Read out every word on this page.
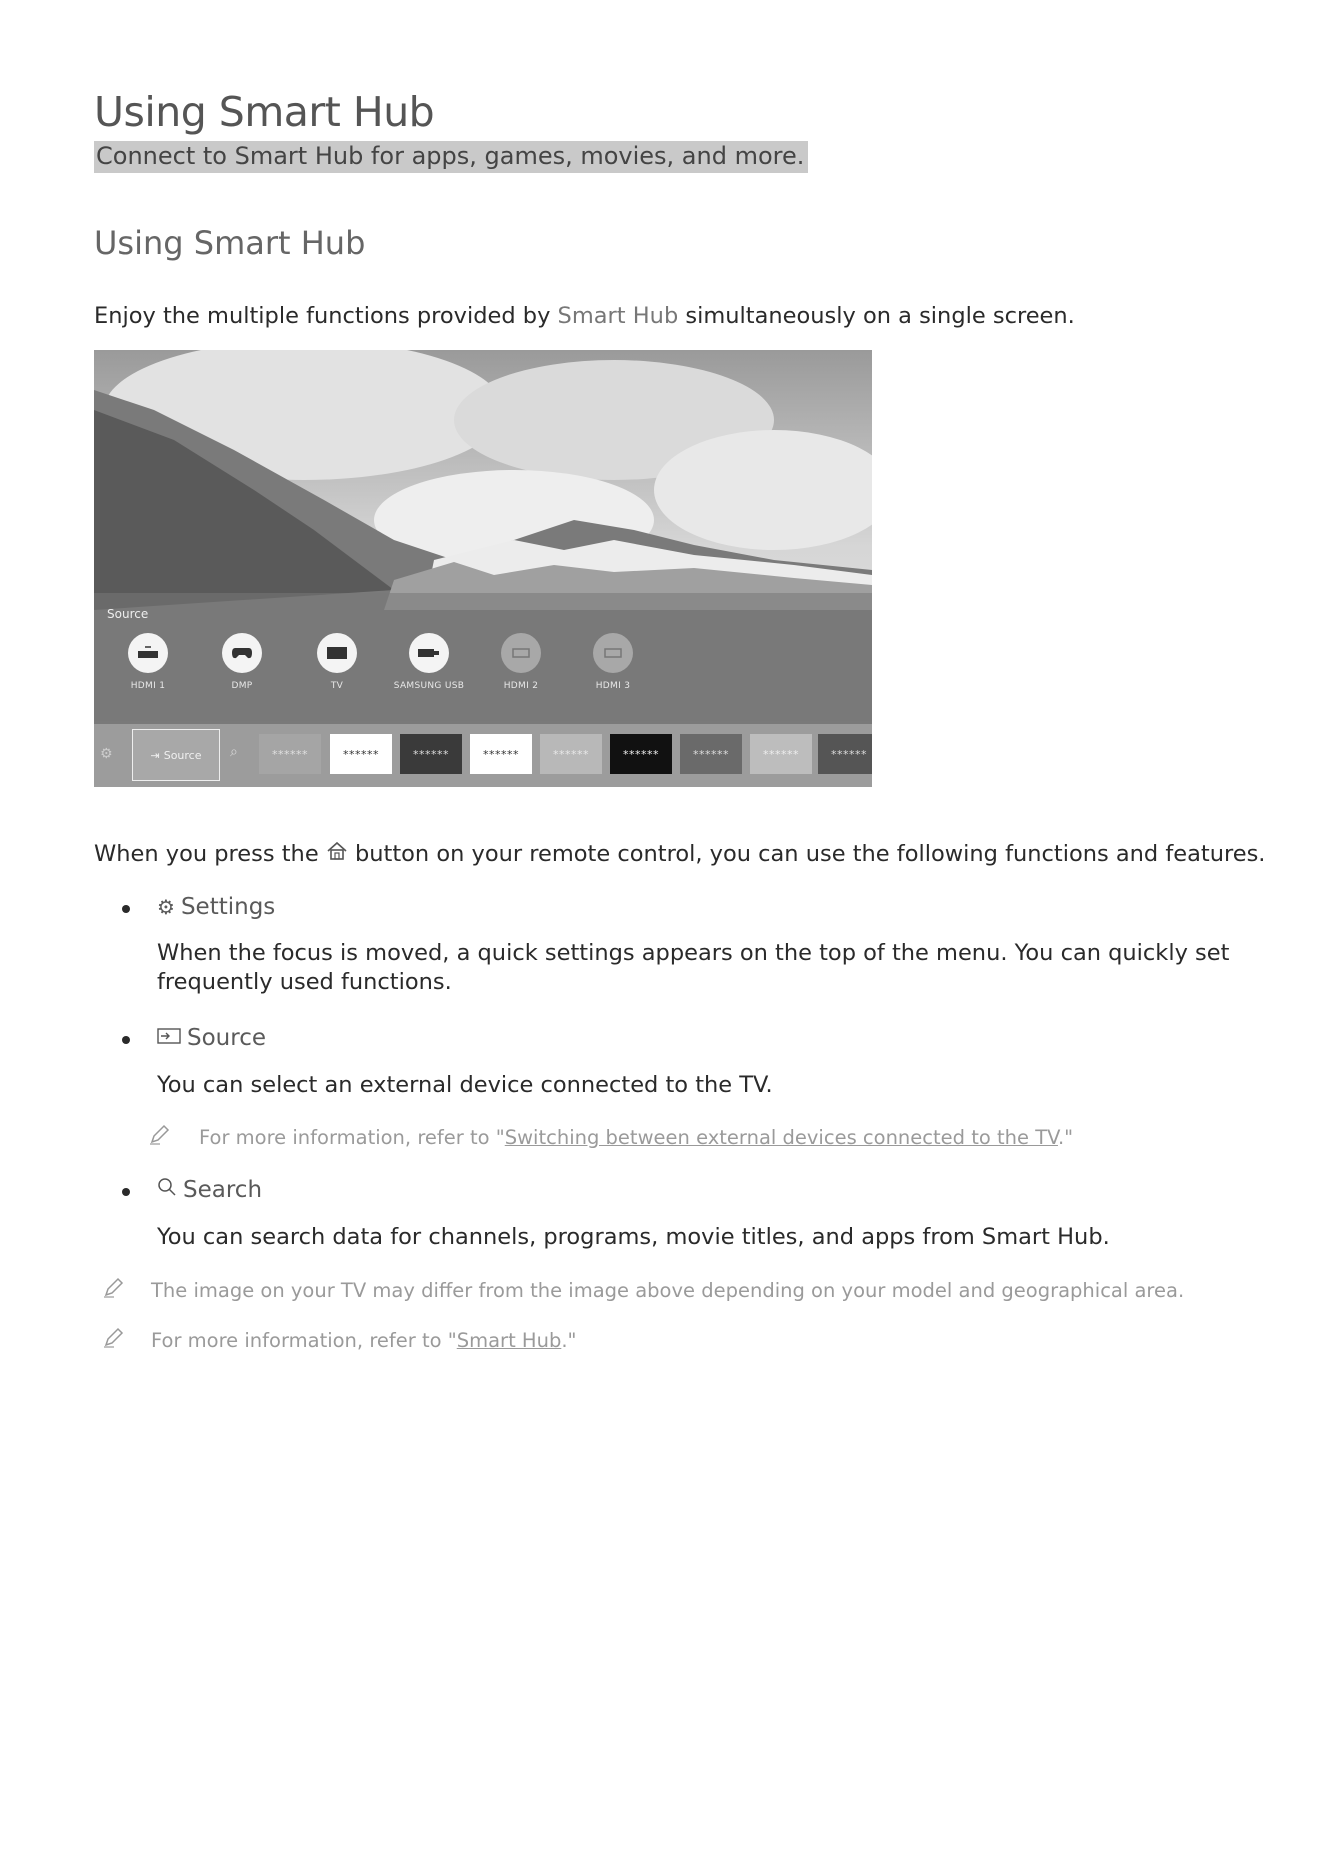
Using Smart Hub
Connect to Smart Hub for apps, games, movies, and more.
Using Smart Hub
Enjoy the multiple functions provided by Smart Hub simultaneously on a single screen.
Source
HDMI 1	DMP	TV	SAMSUNG USB	HDMI 2	HDMI 3
⚙	⇥ Source ⌕	******	******	******	******	******	******	******	******	******
When you press the  button on your remote control, you can use the following functions and features.
⚙ Settings
When the focus is moved, a quick settings appears on the top of the menu. You can quickly set
frequently used functions.
Source
You can select an external device connected to the TV.
For more information, refer to "Switching between external devices connected to the TV."
Search
You can search data for channels, programs, movie titles, and apps from Smart Hub.
The image on your TV may differ from the image above depending on your model and geographical area.
For more information, refer to "Smart Hub."
